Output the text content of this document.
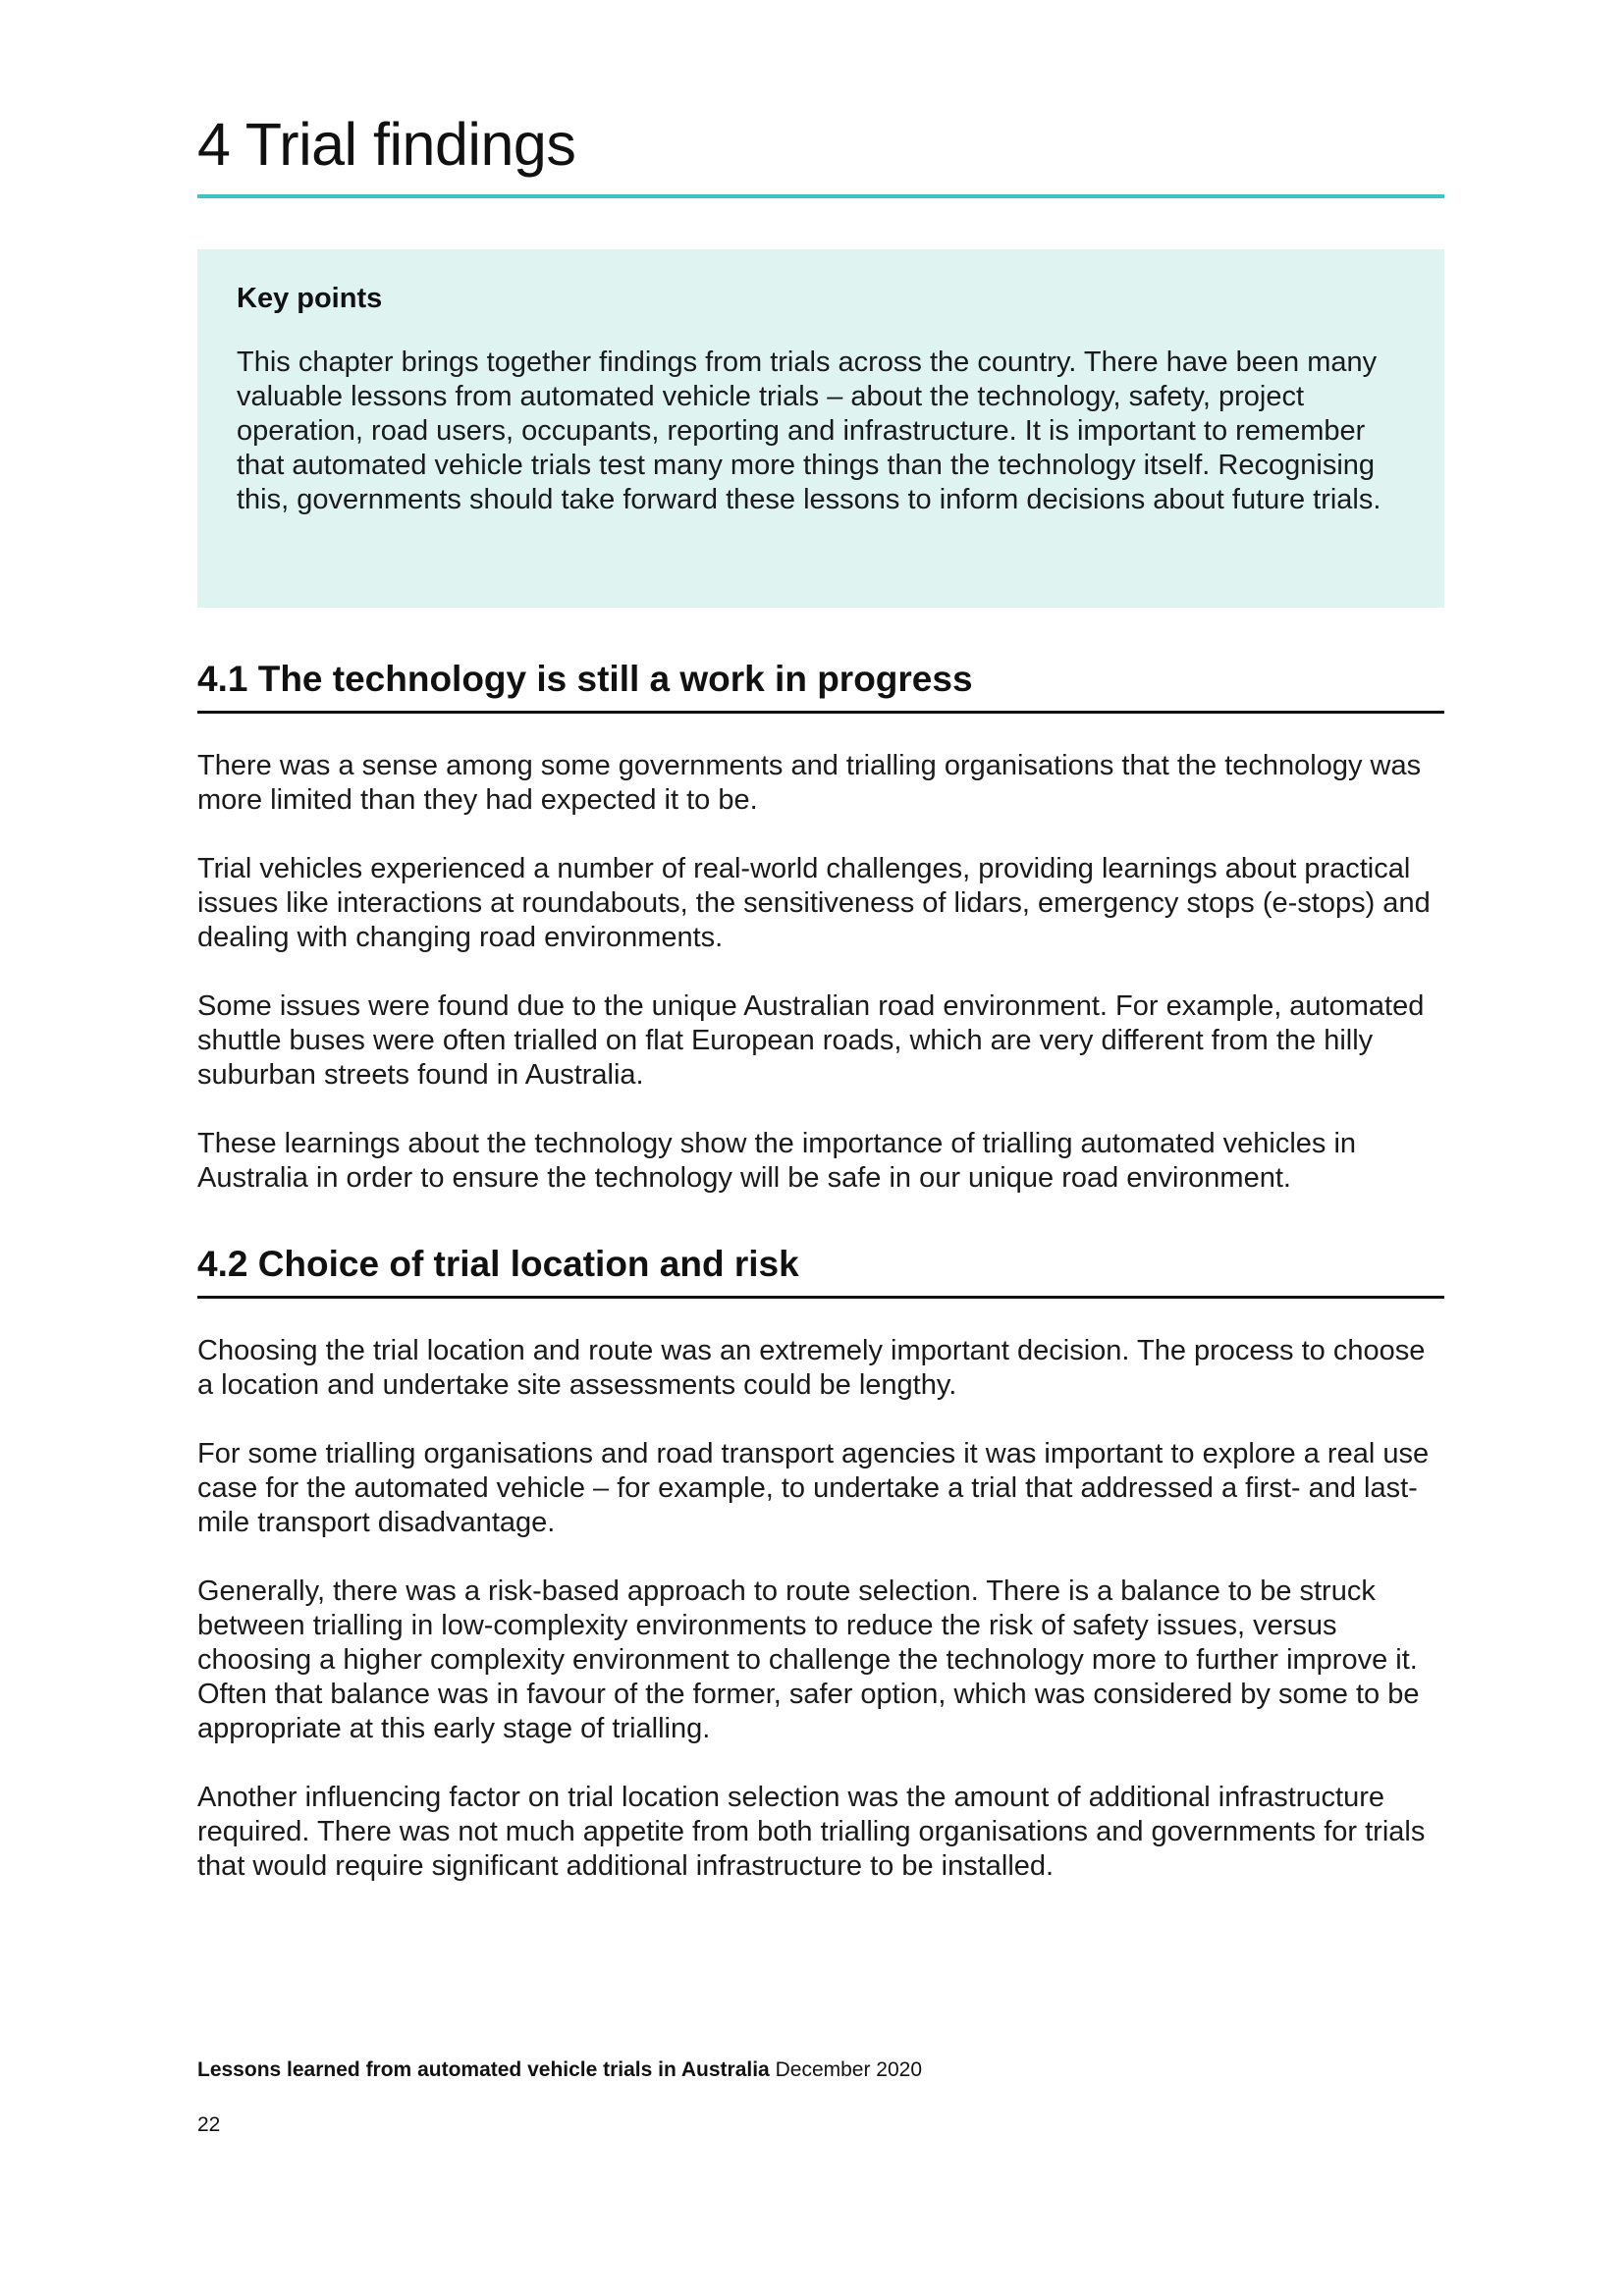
4 Trial findings

Key points

This chapter brings together findings from trials across the country. There have been many valuable lessons from automated vehicle trials – about the technology, safety, project operation, road users, occupants, reporting and infrastructure. It is important to remember that automated vehicle trials test many more things than the technology itself. Recognising this, governments should take forward these lessons to inform decisions about future trials.

4.1 The technology is still a work in progress

There was a sense among some governments and trialling organisations that the technology was more limited than they had expected it to be.

Trial vehicles experienced a number of real-world challenges, providing learnings about practical issues like interactions at roundabouts, the sensitiveness of lidars, emergency stops (e-stops) and dealing with changing road environments.

Some issues were found due to the unique Australian road environment. For example, automated shuttle buses were often trialled on flat European roads, which are very different from the hilly suburban streets found in Australia.

These learnings about the technology show the importance of trialling automated vehicles in Australia in order to ensure the technology will be safe in our unique road environment.

4.2 Choice of trial location and risk

Choosing the trial location and route was an extremely important decision. The process to choose a location and undertake site assessments could be lengthy.

For some trialling organisations and road transport agencies it was important to explore a real use case for the automated vehicle – for example, to undertake a trial that addressed a first- and last-mile transport disadvantage.

Generally, there was a risk-based approach to route selection. There is a balance to be struck between trialling in low-complexity environments to reduce the risk of safety issues, versus choosing a higher complexity environment to challenge the technology more to further improve it. Often that balance was in favour of the former, safer option, which was considered by some to be appropriate at this early stage of trialling.

Another influencing factor on trial location selection was the amount of additional infrastructure required. There was not much appetite from both trialling organisations and governments for trials that would require significant additional infrastructure to be installed.

Lessons learned from automated vehicle trials in Australia December 2020
22
